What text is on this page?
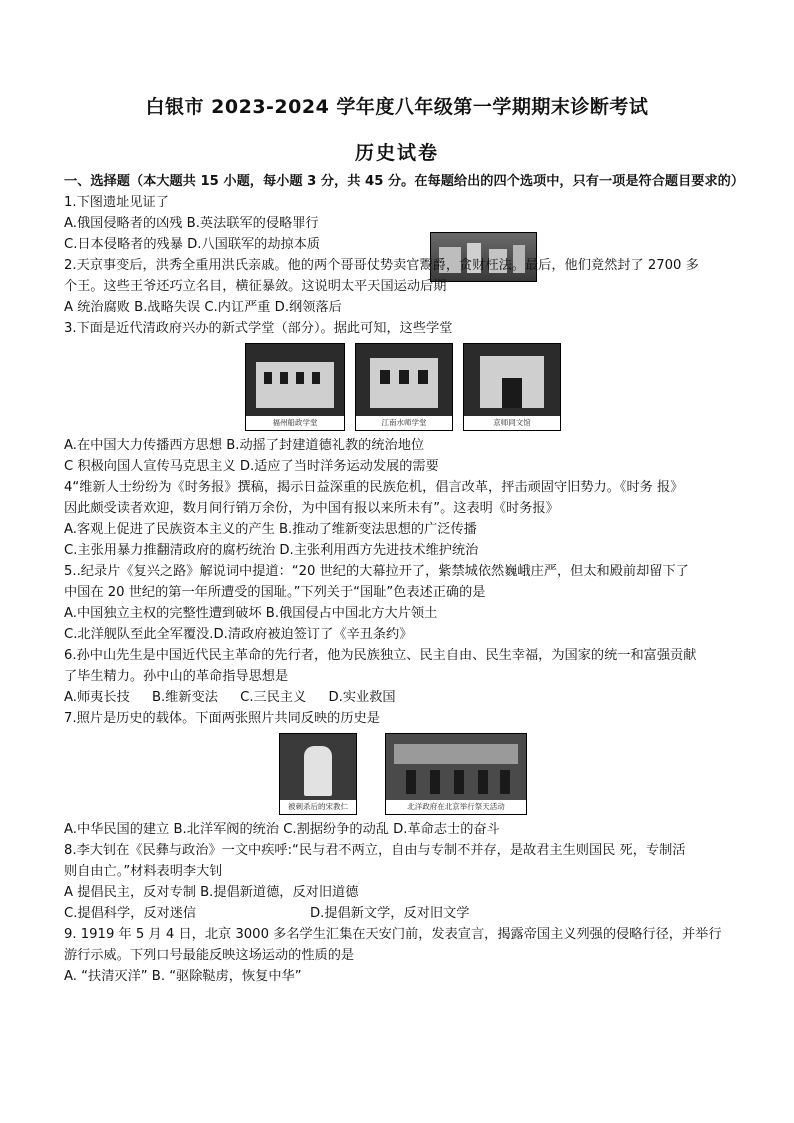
白银市 2023-2024 学年度八年级第一学期期末诊断考试
历史试卷
一、选择题（本大题共 15 小题，每小题 3 分，共 45 分。在每题给出的四个选项中，只有一项是符合题目要求的）
1.下图遗址见证了
A.俄国侵略者的凶残 B.英法联军的侵略罪行
C.日本侵略者的残暴 D.八国联军的劫掠本质
2.天京事变后，洪秀全重用洪氏亲戚。他的两个哥哥仗势卖官鬻爵，贪财枉法。最后，他们竟然封了 2700 多
个王。这些王爷还巧立名目，横征暴敛。这说明太平天国运动后期
A 统治腐败 B.战略失误 C.内讧严重 D.纲领落后
3.下面是近代清政府兴办的新式学堂（部分）。据此可知，这些学堂
福州船政学堂	江南水师学堂	京师同文馆
A.在中国大力传播西方思想 B.动摇了封建道德礼教的统治地位
C 积极向国人宣传马克思主义 D.适应了当时洋务运动发展的需要
4“维新人士纷纷为《时务报》撰稿，揭示日益深重的民族危机，倡言改革，抨击顽固守旧势力。《时务 报》
因此颇受读者欢迎，数月间行销万余份，为中国有报以来所未有”。这表明《时务报》
A.客观上促进了民族资本主义的产生 B.推动了维新变法思想的广泛传播
C.主张用暴力推翻清政府的腐朽统治 D.主张利用西方先进技术维护统治
5..纪录片《复兴之路》解说词中提道：“20 世纪的大幕拉开了，紫禁城依然巍峨庄严，但太和殿前却留下了
中国在 20 世纪的第一年所遭受的国耻。”下列关于“国耻”色表述正确的是
A.中国独立主权的完整性遭到破坏 B.俄国侵占中国北方大片领土
C.北洋舰队至此全军覆没.D.清政府被迫签订了《辛丑条约》
6.孙中山先生是中国近代民主革命的先行者，他为民族独立、民主自由、民生幸福，为国家的统一和富强贡献
了毕生精力。孙中山的革命指导思想是
A.师夷长技 B.维新变法 C.三民主义 D.实业救国
7.照片是历史的载体。下面两张照片共同反映的历史是
被刺杀后的宋教仁	北洋政府在北京举行祭天活动
A.中华民国的建立 B.北洋军阀的统治 C.割据纷争的动乱 D.革命志士的奋斗
8.李大钊在《民彝与政治》一文中疾呼:“民与君不两立，自由与专制不并存，是故君主生则国民 死，专制活
则自由亡。”材料表明李大钊
A 提倡民主，反对专制 B.提倡新道德，反对旧道德
C.提倡科学，反对迷信	D.提倡新文学，反对旧文学
9. 1919 年 5 月 4 日，北京 3000 多名学生汇集在天安门前，发表宣言，揭露帝国主义列强的侵略行径，并举行
游行示威。下列口号最能反映这场运动的性质的是
A. “扶清灭洋” B. “驱除鞑虏，恢复中华”
